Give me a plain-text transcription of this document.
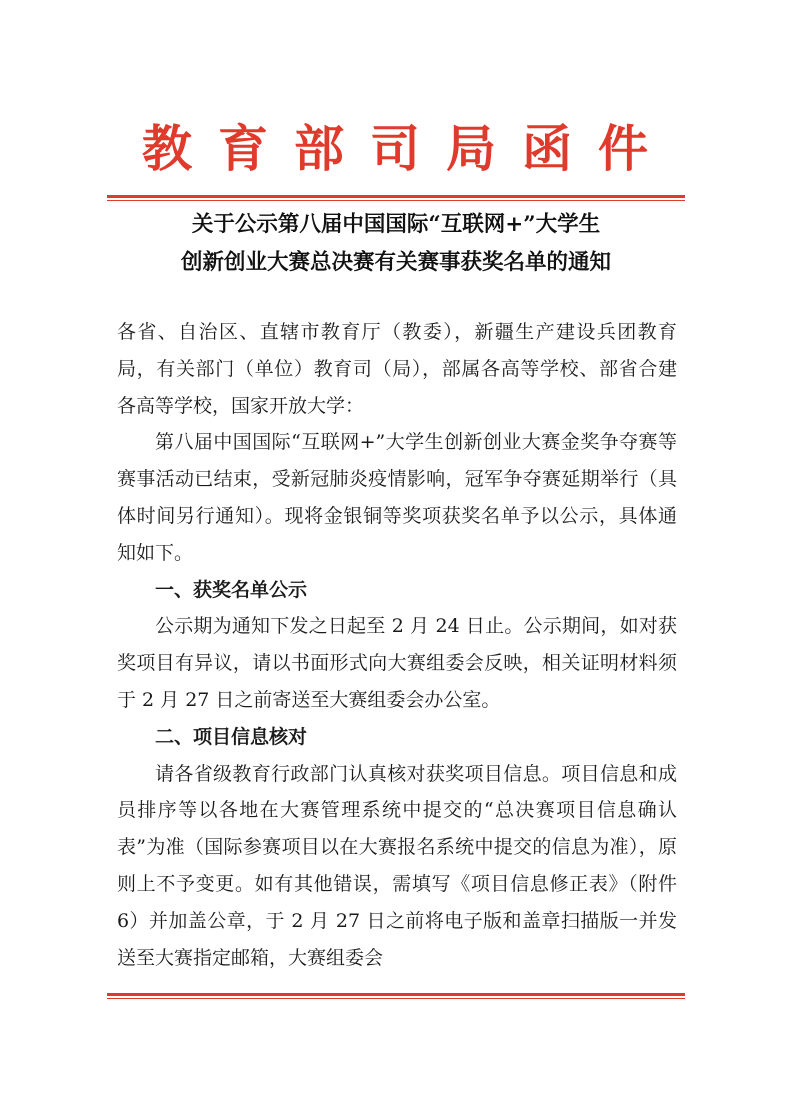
教育部司局函件
关于公示第八届中国国际“互联网+”大学生
创新创业大赛总决赛有关赛事获奖名单的通知

各省、自治区、直辖市教育厅（教委），新疆生产建设兵团教育局，有关部门（单位）教育司（局），部属各高等学校、部省合建各高等学校，国家开放大学：

第八届中国国际“互联网+”大学生创新创业大赛金奖争夺赛等赛事活动已结束，受新冠肺炎疫情影响，冠军争夺赛延期举行（具体时间另行通知）。现将金银铜等奖项获奖名单予以公示，具体通知如下。

一、获奖名单公示

公示期为通知下发之日起至 2 月 24 日止。公示期间，如对获奖项目有异议，请以书面形式向大赛组委会反映，相关证明材料须于 2 月 27 日之前寄送至大赛组委会办公室。

二、项目信息核对

请各省级教育行政部门认真核对获奖项目信息。项目信息和成员排序等以各地在大赛管理系统中提交的“总决赛项目信息确认表”为准（国际参赛项目以在大赛报名系统中提交的信息为准），原则上不予变更。如有其他错误，需填写《项目信息修正表》（附件 6）并加盖公章，于 2 月 27 日之前将电子版和盖章扫描版一并发送至大赛指定邮箱，大赛组委会
